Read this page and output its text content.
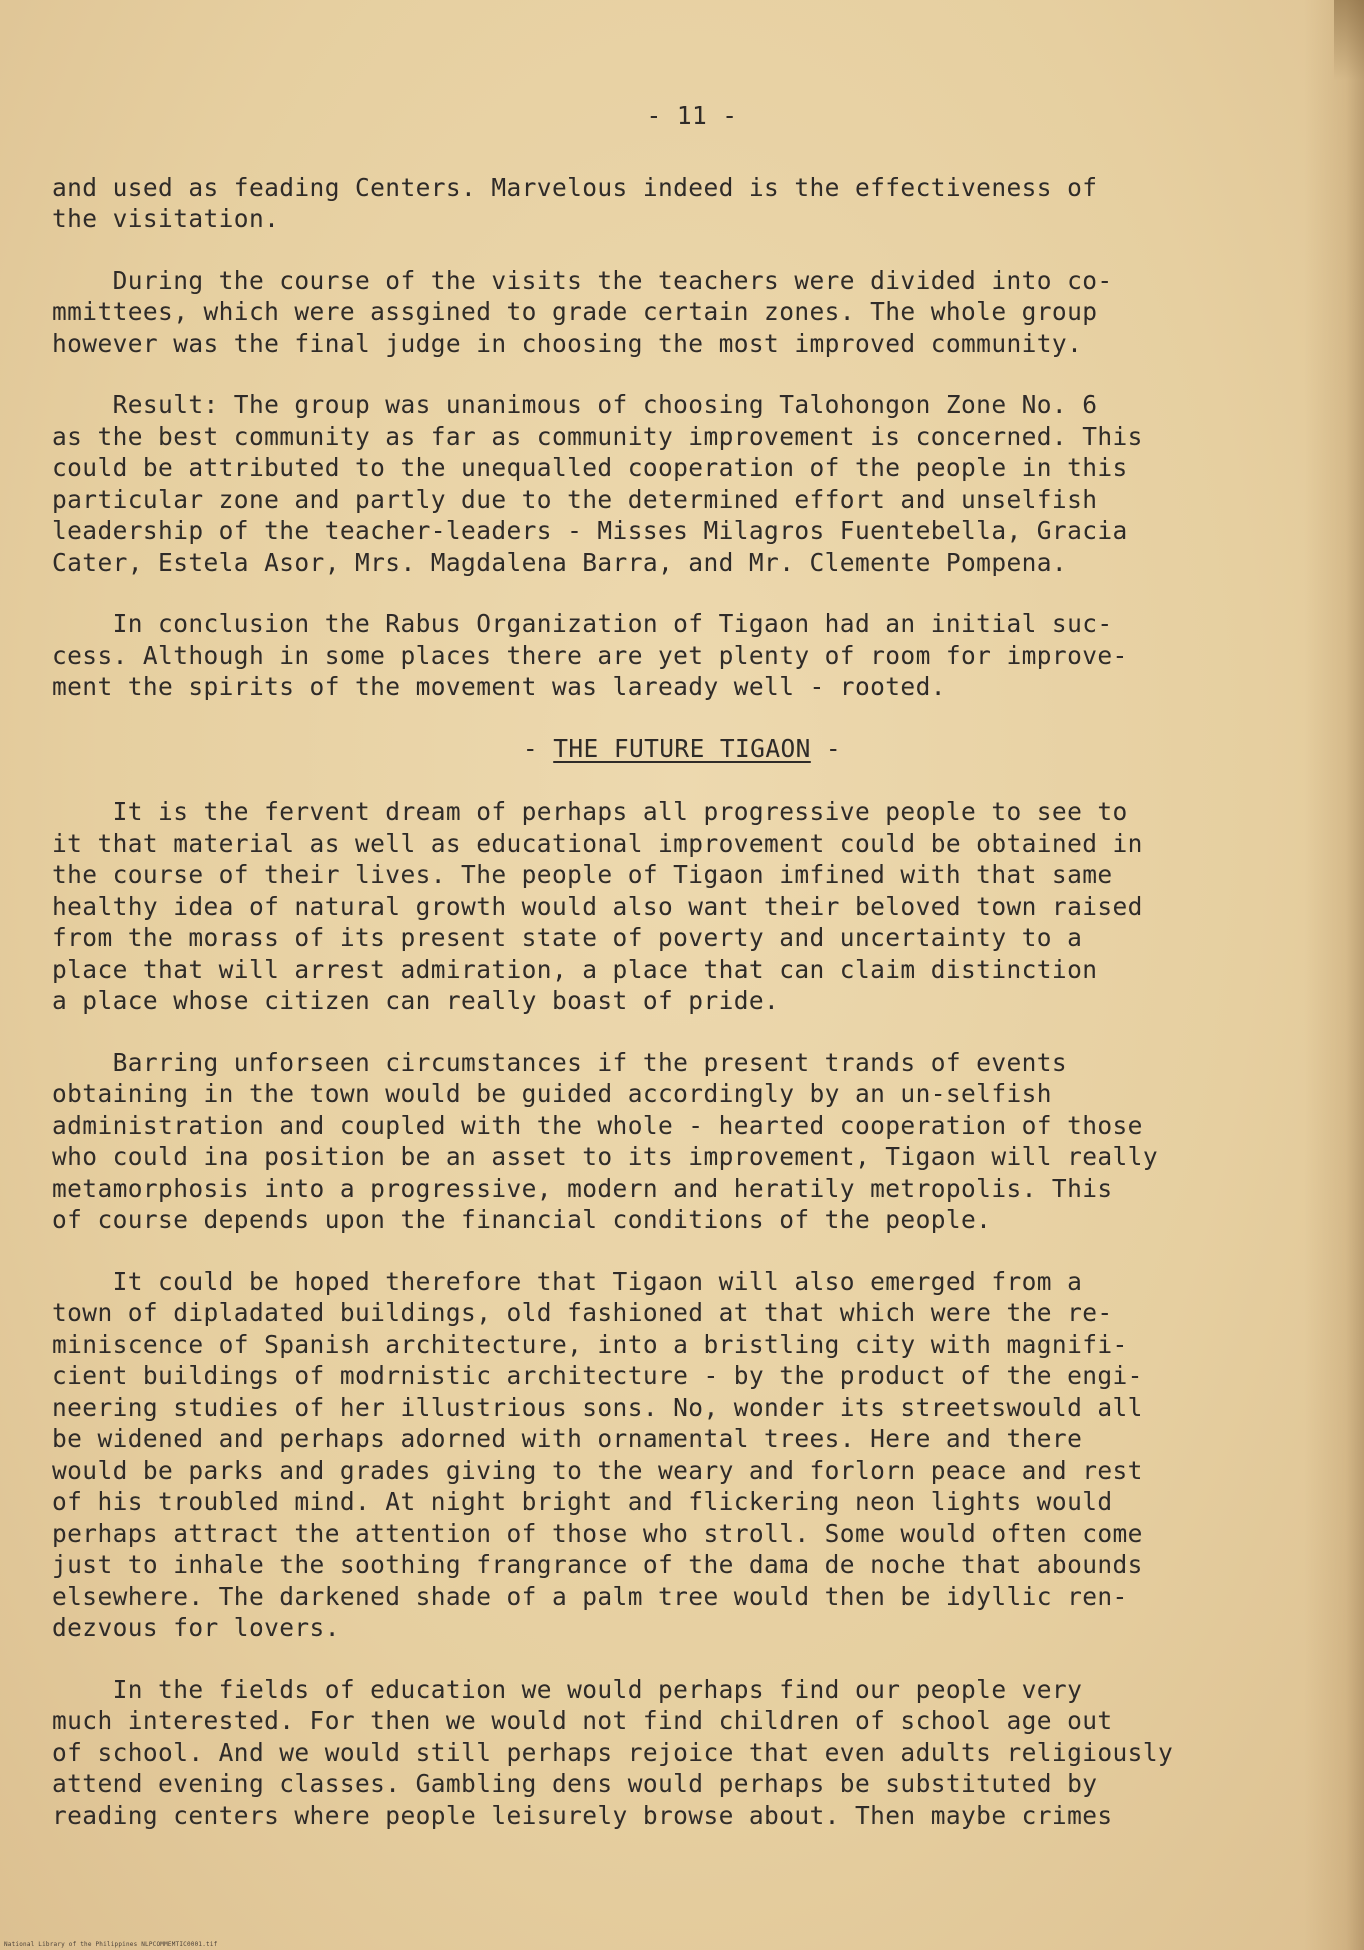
- 11 -
and used as feading Centers. Marvelous indeed is the effectiveness of
the visitation.
During the course of the visits the teachers were divided into co-
mmittees, which were assgined to grade certain zones. The whole group
however was the final judge in choosing the most improved community.
Result: The group was unanimous of choosing Talohongon Zone No. 6
as the best community as far as community improvement is concerned. This
could be attributed to the unequalled cooperation of the people in this
particular zone and partly due to the determined effort and unselfish
leadership of the teacher-leaders - Misses Milagros Fuentebella, Gracia
Cater, Estela Asor, Mrs. Magdalena Barra, and Mr. Clemente Pompena.
In conclusion the Rabus Organization of Tigaon had an initial suc-
cess. Although in some places there are yet plenty of room for improve-
ment the spirits of the movement was laready well - rooted.
- THE FUTURE TIGAON -
It is the fervent dream of perhaps all progressive people to see to
it that material as well as educational improvement could be obtained in
the course of their lives. The people of Tigaon imfined with that same
healthy idea of natural growth would also want their beloved town raised
from the morass of its present state of poverty and uncertainty to a
place that will arrest admiration, a place that can claim distinction
a place whose citizen can really boast of pride.
Barring unforseen circumstances if the present trands of events
obtaining in the town would be guided accordingly by an un-selfish
administration and coupled with the whole - hearted cooperation of those
who could ina position be an asset to its improvement, Tigaon will really
metamorphosis into a progressive, modern and heratily metropolis. This
of course depends upon the financial conditions of the people.
It could be hoped therefore that Tigaon will also emerged from a
town of dipladated buildings, old fashioned at that which were the re-
miniscence of Spanish architecture, into a bristling city with magnifi-
cient buildings of modrnistic architecture - by the product of the engi-
neering studies of her illustrious sons. No, wonder its streetswould all
be widened and perhaps adorned with ornamental trees. Here and there
would be parks and grades giving to the weary and forlorn peace and rest
of his troubled mind. At night bright and flickering neon lights would
perhaps attract the attention of those who stroll. Some would often come
just to inhale the soothing frangrance of the dama de noche that abounds
elsewhere. The darkened shade of a palm tree would then be idyllic ren-
dezvous for lovers.
In the fields of education we would perhaps find our people very
much interested. For then we would not find children of school age out
of school. And we would still perhaps rejoice that even adults religiously
attend evening classes. Gambling dens would perhaps be substituted by
reading centers where people leisurely browse about. Then maybe crimes
National Library of the Philippines NLPCOMMEMTIC0001.tif
